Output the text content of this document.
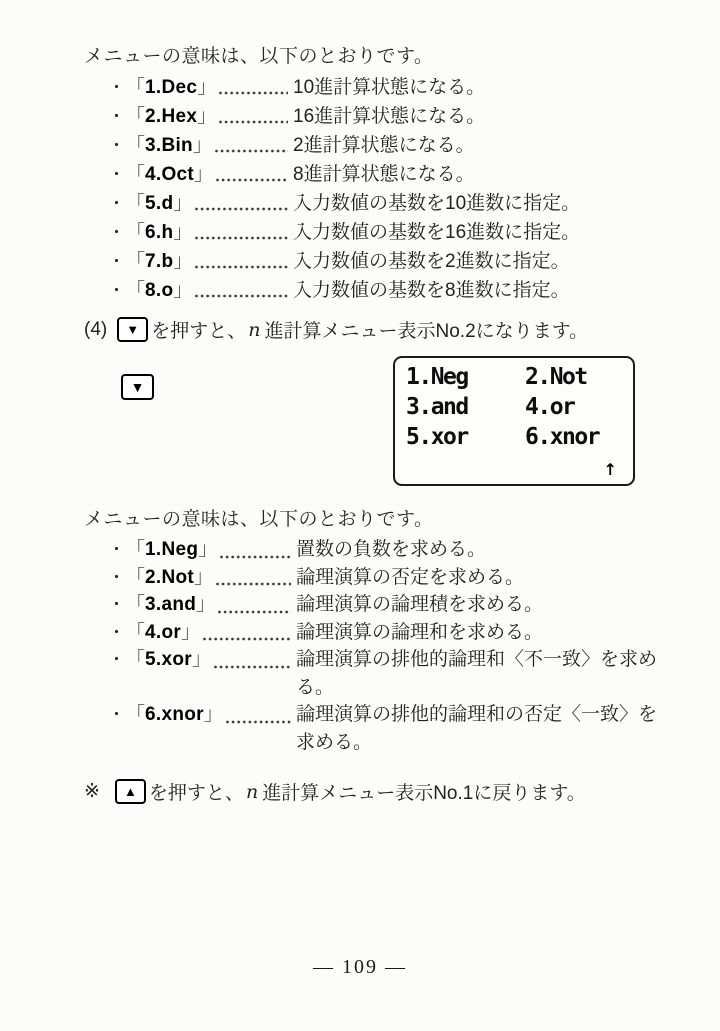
メニューの意味は、以下のとおりです。
・ 「 1.Dec 」	10進計算状態になる。
・ 「 2.Hex 」	16進計算状態になる。
・ 「 3.Bin 」	2進計算状態になる。
・ 「 4.Oct 」	8進計算状態になる。
・ 「 5.d 」	入力数値の基数を10進数に指定。
・ 「 6.h 」	入力数値の基数を16進数に指定。
・ 「 7.b 」	入力数値の基数を2進数に指定。
・ 「 8.o 」	入力数値の基数を8進数に指定。
(4)	▼ を押すと、 n 進計算メニュー表示No.2になります。
▼	1.Neg	2.Not
3.and	4.or
5.xor	6.xnor
↑
メニューの意味は、以下のとおりです。
・ 「 1.Neg 」	置数の負数を求める。
・ 「 2.Not 」	論理演算の否定を求める。
・ 「 3.and 」	論理演算の論理積を求める。
・ 「 4.or 」	論理演算の論理和を求める。
・ 「 5.xor 」	論理演算の排他的論理和〈不一致〉を求める。
・ 「 6.xnor 」	論理演算の排他的論理和の否定〈一致〉を求める。
※	▲ を押すと、 n 進計算メニュー表示No.1に戻ります。
— 109 —
